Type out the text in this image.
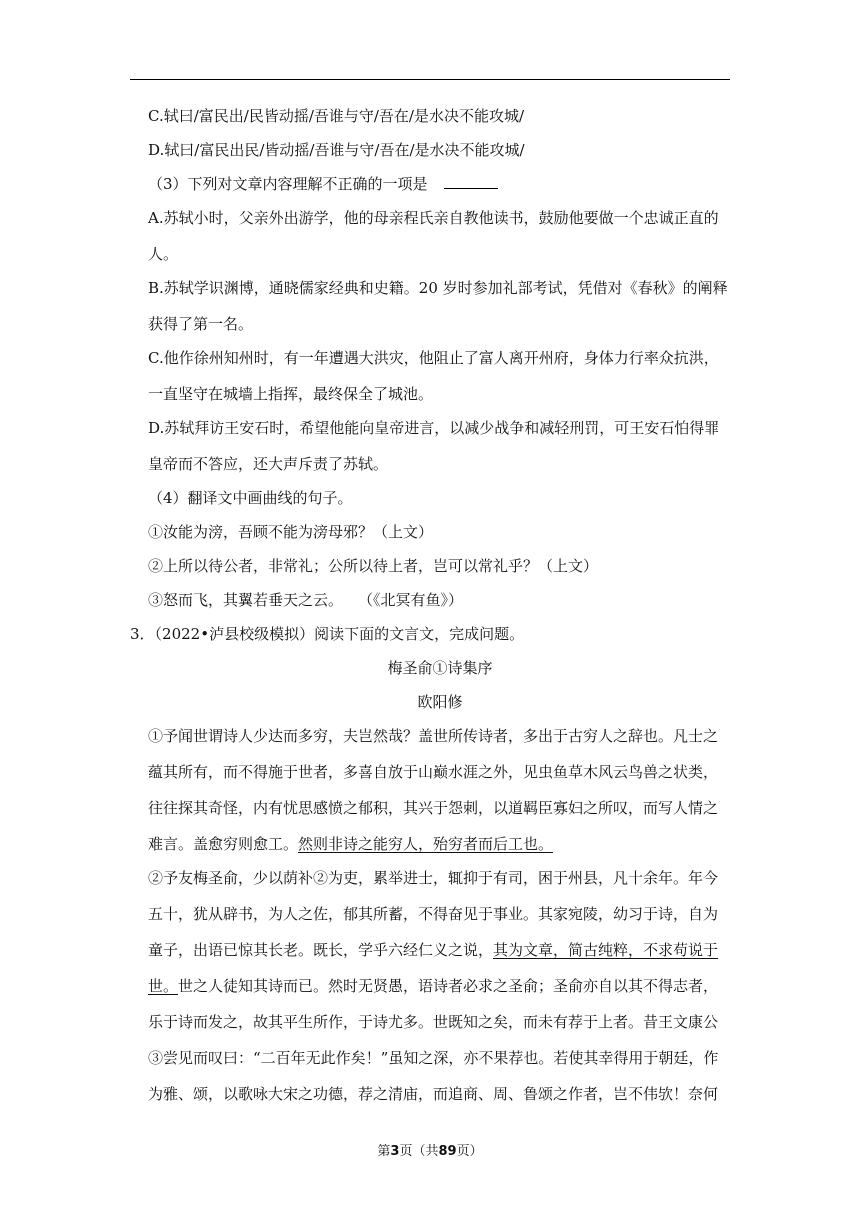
C.轼曰/富民出/民皆动摇/吾谁与守/吾在/是水决不能攻城/

D.轼曰/富民出民/皆动摇/吾谁与守/吾在/是水决不能攻城/

（3）下列对文章内容理解不正确的一项是

A.苏轼小时，父亲外出游学，他的母亲程氏亲自教他读书，鼓励他要做一个忠诚正直的

人。

B.苏轼学识渊博，通晓儒家经典和史籍。20 岁时参加礼部考试，凭借对《春秋》的阐释

获得了第一名。

C.他作徐州知州时，有一年遭遇大洪灾，他阻止了富人离开州府，身体力行率众抗洪，

一直坚守在城墙上指挥，最终保全了城池。

D.苏轼拜访王安石时，希望他能向皇帝进言，以减少战争和减轻刑罚，可王安石怕得罪

皇帝而不答应，还大声斥责了苏轼。

（4）翻译文中画曲线的句子。

①汝能为滂，吾顾不能为滂母邪？（上文）

②上所以待公者，非常礼；公所以待上者，岂可以常礼乎？（上文）

③怒而飞，其翼若垂天之云。　　（《北冥有鱼》）

3．（2022•泸县校级模拟）阅读下面的文言文，完成问题。

梅圣俞①诗集序

欧阳修

①予闻世谓诗人少达而多穷，夫岂然哉？盖世所传诗者，多出于古穷人之辞也。凡士之

蕴其所有，而不得施于世者，多喜自放于山巅水涯之外，见虫鱼草木风云鸟兽之状类，

往往探其奇怪，内有忧思感愤之郁积，其兴于怨刺，以道羁臣寡妇之所叹，而写人情之

难言。盖愈穷则愈工。然则非诗之能穷人，殆穷者而后工也。

②予友梅圣俞，少以荫补②为吏，累举进士，辄抑于有司，困于州县，凡十余年。年今

五十，犹从辟书，为人之佐，郁其所蓄，不得奋见于事业。其家宛陵，幼习于诗，自为

童子，出语已惊其长老。既长，学乎六经仁义之说，其为文章，简古纯粹，不求苟说于

世。世之人徒知其诗而已。然时无贤愚，语诗者必求之圣俞；圣俞亦自以其不得志者，

乐于诗而发之，故其平生所作，于诗尤多。世既知之矣，而未有荐于上者。昔王文康公

③尝见而叹曰：“二百年无此作矣！”虽知之深，亦不果荐也。若使其幸得用于朝廷，作

为雅、颂，以歌咏大宋之功德，荐之清庙，而追商、周、鲁颂之作者，岂不伟欤！奈何

第3页（共89页）
